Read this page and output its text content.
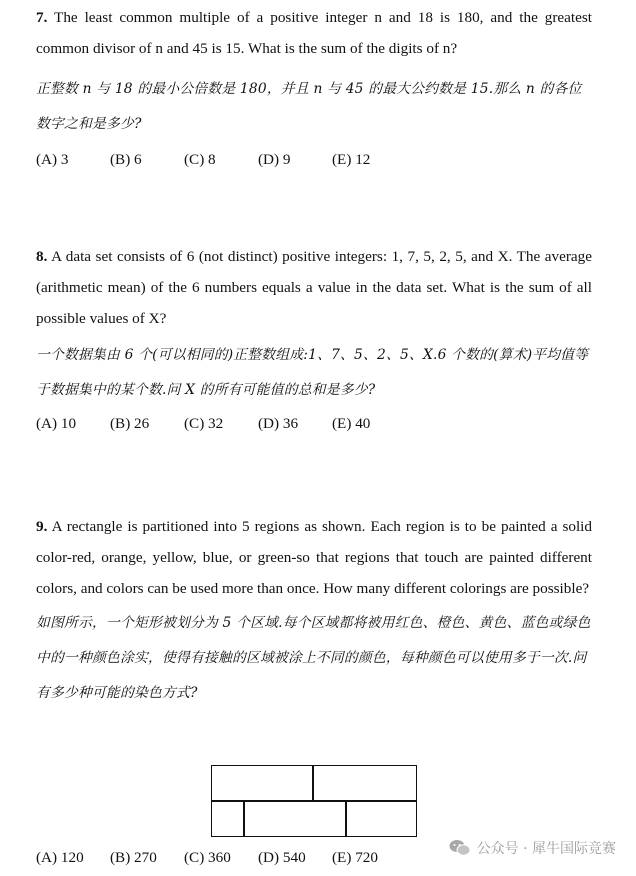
7. The least common multiple of a positive integer n and 18 is 180, and the greatest common divisor of n and 45 is 15. What is the sum of the digits of n?

正整数 n 与 18 的最小公倍数是 180，并且 n 与 45 的最大公约数是 15.那么 n 的各位数字之和是多少?

(A) 3	(B) 6	(C) 8	(D) 9	(E) 12

8. A data set consists of 6 (not distinct) positive integers: 1, 7, 5, 2, 5, and X. The average (arithmetic mean) of the 6 numbers equals a value in the data set. What is the sum of all possible values of X?

一个数据集由 6 个(可以相同的)正整数组成:1、7、5、2、5、X.6 个数的(算术)平均值等于数据集中的某个数.问 X 的所有可能值的总和是多少?

(A) 10	(B) 26	(C) 32	(D) 36	(E) 40

9. A rectangle is partitioned into 5 regions as shown. Each region is to be painted a solid color-red, orange, yellow, blue, or green-so that regions that touch are painted different colors, and colors can be used more than once. How many different colorings are possible?

如图所示，一个矩形被划分为 5 个区域.每个区域都将被用红色、橙色、黄色、蓝色或绿色中的一种颜色涂实，使得有接触的区域被涂上不同的颜色，每种颜色可以使用多于一次.问有多少种可能的染色方式?

(A) 120	(B) 270	(C) 360	(D) 540	(E) 720	公众号 · 犀牛国际竞赛
